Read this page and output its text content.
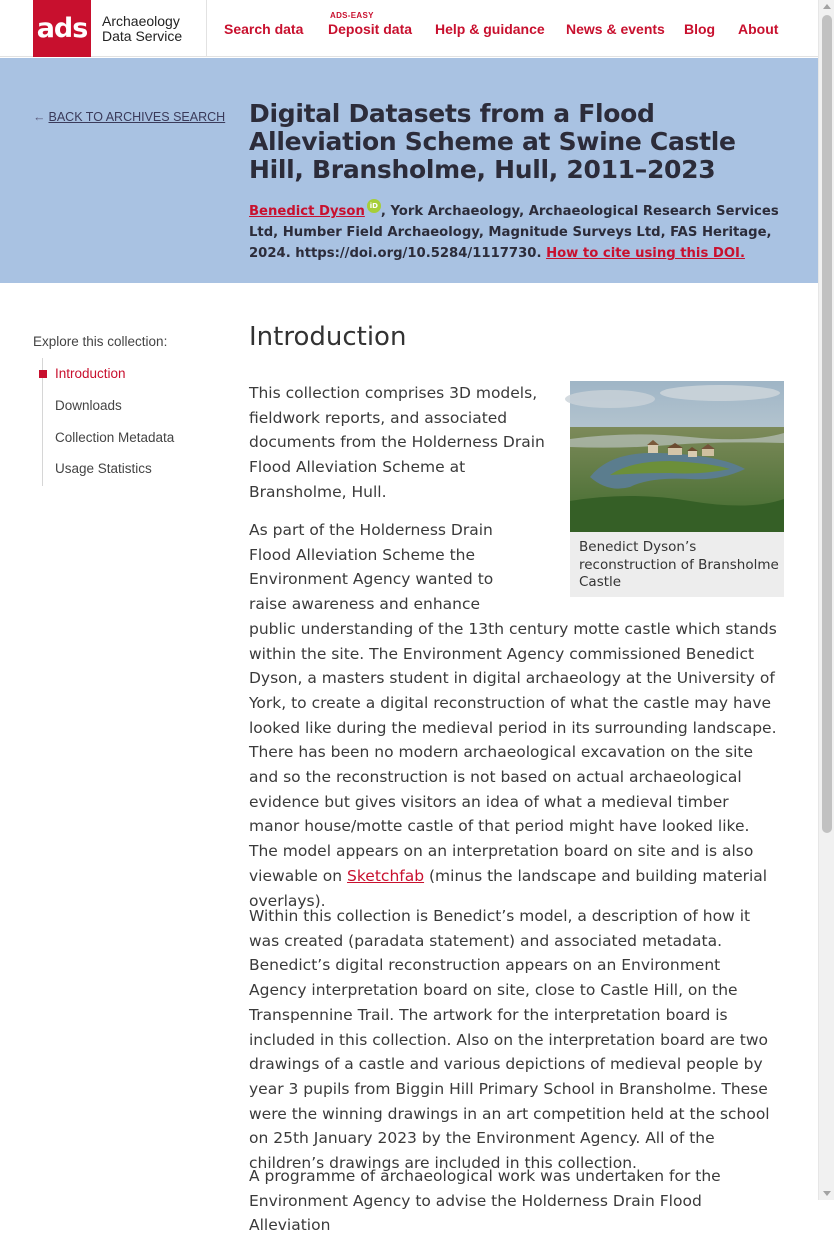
ads Archaeology
Data Service	Search data
ADS-EASY
Deposit data Help & guidance News & events Blog About
← BACK TO ARCHIVES SEARCH Digital Datasets from a Flood Alleviation Scheme at Swine Castle Hill, Bransholme, Hull, 2011–2023
Benedict Dyson iD , York Archaeology, Archaeological Research Services Ltd, Humber Field Archaeology, Magnitude Surveys Ltd, FAS Heritage, 2024. https://doi.org/10.5284/1117730. How to cite using this DOI.
Explore this collection:
Introduction
Downloads
Collection Metadata
Usage Statistics
Introduction
Benedict Dyson’s reconstruction of Bransholme Castle

This collection comprises 3D models, fieldwork reports, and associated documents from the Holderness Drain Flood Alleviation Scheme at Bransholme, Hull.

As part of the Holderness Drain Flood Alleviation Scheme the Environment Agency wanted to raise awareness and enhance public understanding of the 13th century motte castle which stands within the site. The Environment Agency commissioned Benedict Dyson, a masters student in digital archaeology at the University of York, to create a digital reconstruction of what the castle may have looked like during the medieval period in its surrounding landscape. There has been no modern archaeological excavation on the site and so the reconstruction is not based on actual archaeological evidence but gives visitors an idea of what a medieval timber manor house/motte castle of that period might have looked like. The model appears on an interpretation board on site and is also viewable on Sketchfab (minus the landscape and building material overlays).

Within this collection is Benedict’s model, a description of how it was created (paradata statement) and associated metadata. Benedict’s digital reconstruction appears on an Environment Agency interpretation board on site, close to Castle Hill, on the Transpennine Trail. The artwork for the interpretation board is included in this collection. Also on the interpretation board are two drawings of a castle and various depictions of medieval people by year 3 pupils from Biggin Hill Primary School in Bransholme. These were the winning drawings in an art competition held at the school on 25th January 2023 by the Environment Agency. All of the children’s drawings are included in this collection.

A programme of archaeological work was undertaken for the Environment Agency to advise the Holderness Drain Flood Alleviation
